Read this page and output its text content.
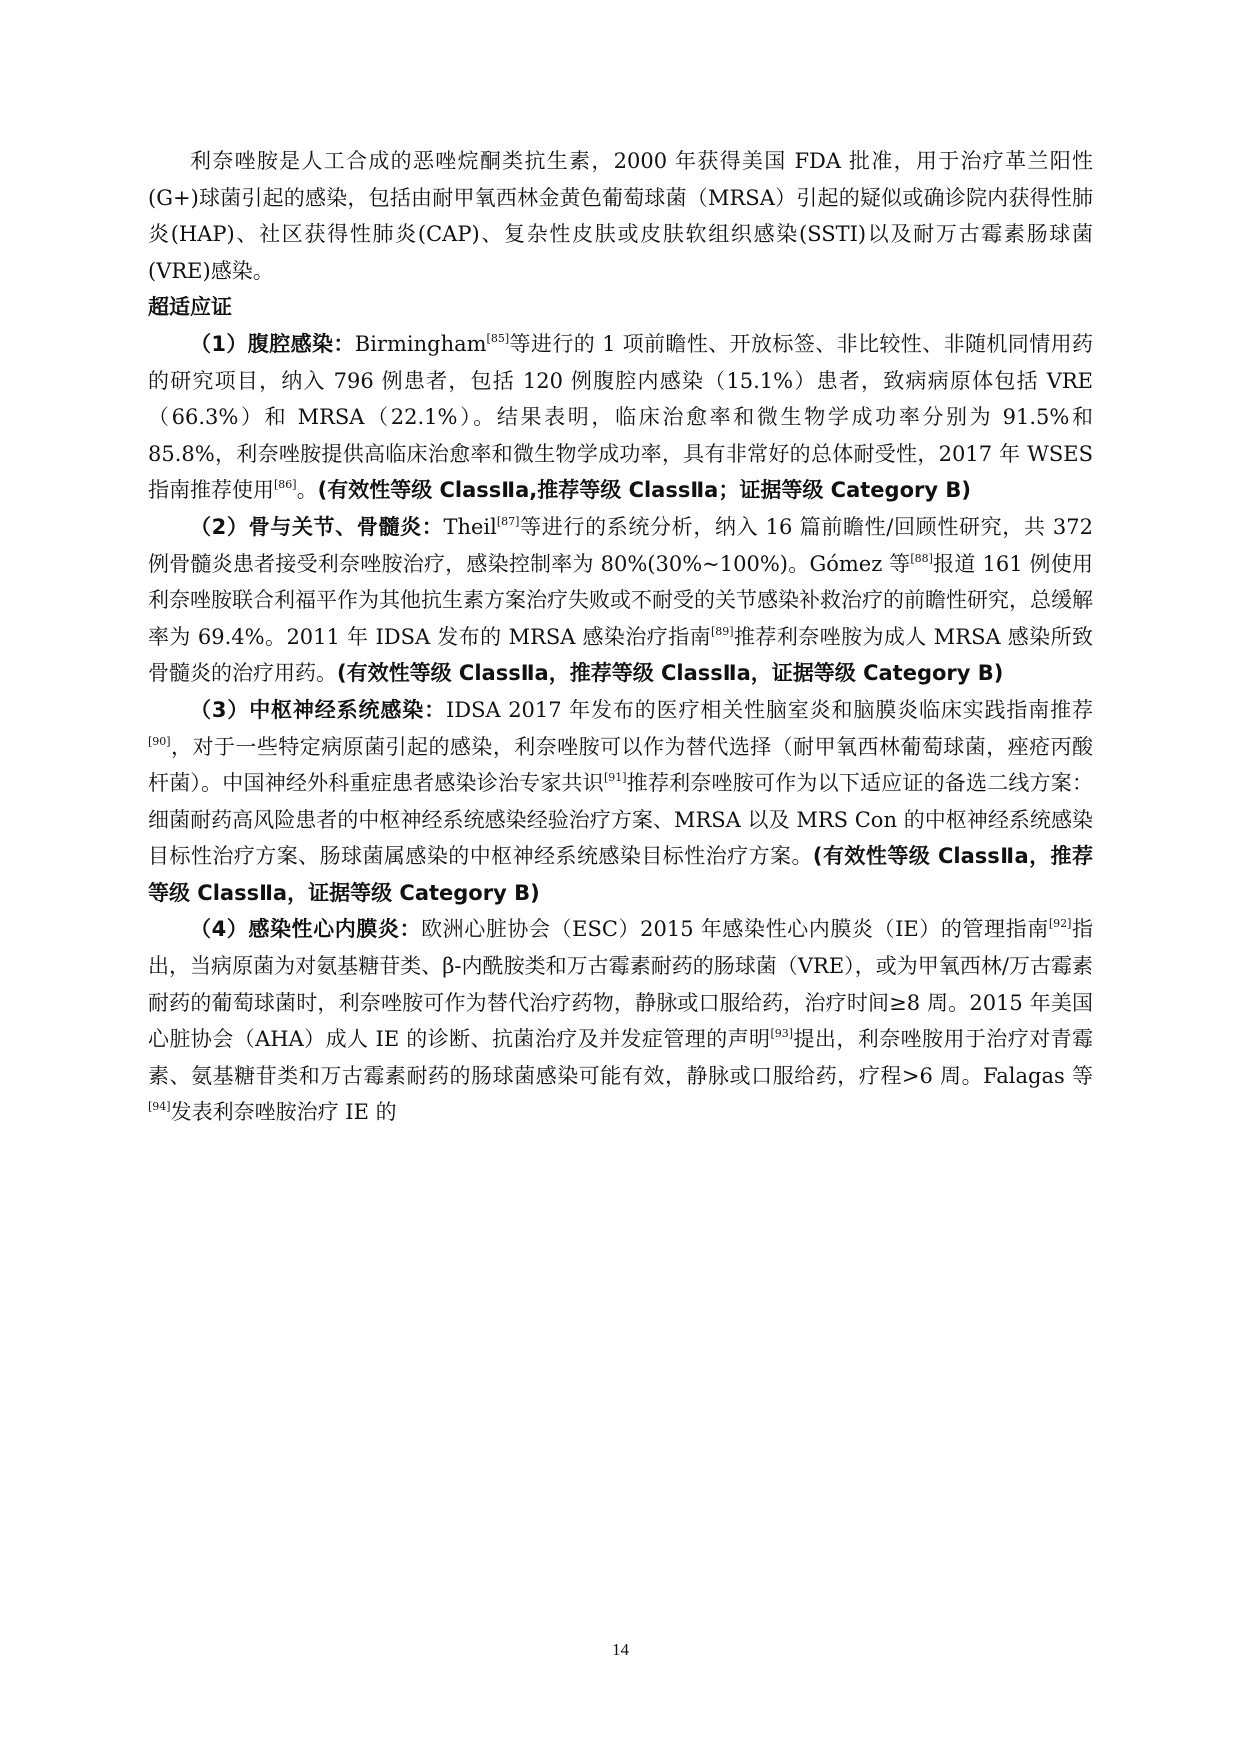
利奈唑胺是人工合成的恶唑烷酮类抗生素，2000 年获得美国 FDA 批准，用于治疗革兰阳性(G+)球菌引起的感染，包括由耐甲氧西林金黄色葡萄球菌（MRSA）引起的疑似或确诊院内获得性肺炎(HAP)、社区获得性肺炎(CAP)、复杂性皮肤或皮肤软组织感染(SSTI)以及耐万古霉素肠球菌(VRE)感染。

超适应证

（1）腹腔感染：Birmingham[85]等进行的 1 项前瞻性、开放标签、非比较性、非随机同情用药的研究项目，纳入 796 例患者，包括 120 例腹腔内感染（15.1%）患者，致病病原体包括 VRE（66.3%）和 MRSA（22.1%）。结果表明，临床治愈率和微生物学成功率分别为 91.5%和 85.8%，利奈唑胺提供高临床治愈率和微生物学成功率，具有非常好的总体耐受性，2017 年 WSES 指南推荐使用[86]。(有效性等级 ClassⅡa,推荐等级 ClassⅡa；证据等级 Category B)

（2）骨与关节、骨髓炎：Theil[87]等进行的系统分析，纳入 16 篇前瞻性/回顾性研究，共 372 例骨髓炎患者接受利奈唑胺治疗，感染控制率为 80%(30%~100%)。Gómez 等[88]报道 161 例使用利奈唑胺联合利福平作为其他抗生素方案治疗失败或不耐受的关节感染补救治疗的前瞻性研究，总缓解率为 69.4%。2011 年 IDSA 发布的 MRSA 感染治疗指南[89]推荐利奈唑胺为成人 MRSA 感染所致骨髓炎的治疗用药。(有效性等级 ClassⅡa，推荐等级 ClassⅡa，证据等级 Category B)

（3）中枢神经系统感染：IDSA 2017 年发布的医疗相关性脑室炎和脑膜炎临床实践指南推荐[90]，对于一些特定病原菌引起的感染，利奈唑胺可以作为替代选择（耐甲氧西林葡萄球菌，痤疮丙酸杆菌）。中国神经外科重症患者感染诊治专家共识[91]推荐利奈唑胺可作为以下适应证的备选二线方案：细菌耐药高风险患者的中枢神经系统感染经验治疗方案、MRSA 以及 MRS Con 的中枢神经系统感染目标性治疗方案、肠球菌属感染的中枢神经系统感染目标性治疗方案。(有效性等级 ClassⅡa，推荐等级 ClassⅡa，证据等级 Category B)

（4）感染性心内膜炎：欧洲心脏协会（ESC）2015 年感染性心内膜炎（IE）的管理指南[92]指出，当病原菌为对氨基糖苷类、β-内酰胺类和万古霉素耐药的肠球菌（VRE），或为甲氧西林/万古霉素耐药的葡萄球菌时，利奈唑胺可作为替代治疗药物，静脉或口服给药，治疗时间≥8 周。2015 年美国心脏协会（AHA）成人 IE 的诊断、抗菌治疗及并发症管理的声明[93]提出，利奈唑胺用于治疗对青霉素、氨基糖苷类和万古霉素耐药的肠球菌感染可能有效，静脉或口服给药，疗程>6 周。Falagas 等[94]发表利奈唑胺治疗 IE 的

14
